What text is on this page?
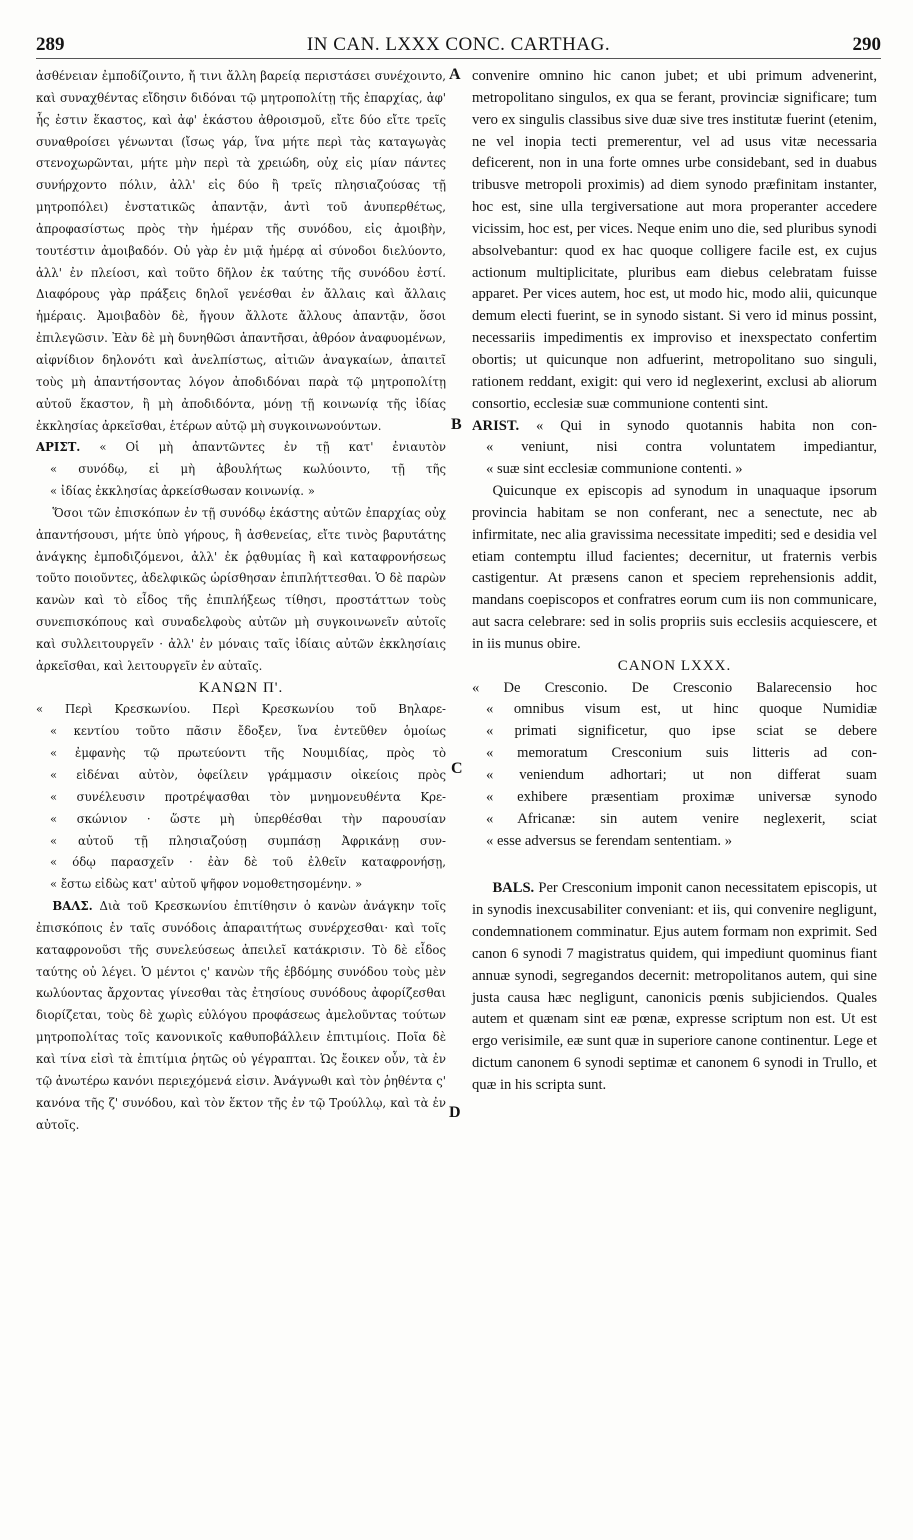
289	IN CAN. LXXX CONC. CARTHAG.	290
A
B
C
D

ἀσθένειαν ἐμποδίζοιντο, ἤ τινι ἄλλη βαρείᾳ περιστάσει συνέχοιντο, καὶ συναχθέντας εἴδησιν διδόναι τῷ μητροπολίτῃ τῆς ἐπαρχίας, ἀφ' ἧς ἐστιν ἕκαστος, καὶ ἀφ' ἑκάστου ἀθροισμοῦ, εἴτε δύο εἴτε τρεῖς συναθροίσει γένωνται (ἴσως γάρ, ἵνα μήτε περὶ τὰς καταγωγὰς στενοχωρῶνται, μήτε μὴν περὶ τὰ χρειώδη, οὐχ εἰς μίαν πάντες συνήρχοντο πόλιν, ἀλλ' εἰς δύο ἢ τρεῖς πλησιαζούσας τῇ μητροπόλει) ἐνστατικῶς ἀπαντᾷν, ἀντὶ τοῦ ἀνυπερθέτως, ἀπροφασίστως πρὸς τὴν ἡμέραν τῆς συνόδου, εἰς ἀμοιβὴν, τουτέστιν ἀμοιβαδόν. Οὐ γὰρ ἐν μιᾷ ἡμέρᾳ αἱ σύνοδοι διελύοντο, ἀλλ' ἐν πλείοσι, καὶ τοῦτο δῆλον ἐκ ταύτης τῆς συνόδου ἐστί. Διαφόρους γὰρ πράξεις δηλοῖ γενέσθαι ἐν ἄλλαις καὶ ἄλλαις ἡμέραις. Ἀμοιβαδὸν δὲ, ἤγουν ἄλλοτε ἄλλους ἀπαντᾷν, ὅσοι ἐπιλεγῶσιν. Ἐὰν δὲ μὴ δυνηθῶσι ἀπαντῆσαι, ἀθρόον ἀναφυομένων, αἰφνίδιον δηλονότι καὶ ἀνελπίστως, αἰτιῶν ἀναγκαίων, ἀπαιτεῖ τοὺς μὴ ἀπαντήσοντας λόγον ἀποδιδόναι παρὰ τῷ μητροπολίτῃ αὐτοῦ ἕκαστον, ἢ μὴ ἀποδιδόντα, μόνῃ τῇ κοινωνίᾳ τῆς ἰδίας ἐκκλησίας ἀρκεῖσθαι, ἑτέρων αὐτῷ μὴ συγκοινωνούντων.

ΑΡΙΣΤ. « Οἱ μὴ ἀπαντῶντες ἐν τῇ κατ' ἐνιαυτὸν
« συνόδῳ, εἰ μὴ ἀβουλήτως κωλύοιντο, τῇ τῆς
« ἰδίας ἐκκλησίας ἀρκείσθωσαν κοινωνίᾳ. »

Ὅσοι τῶν ἐπισκόπων ἐν τῇ συνόδῳ ἑκάστης αὐτῶν ἐπαρχίας οὐχ ἀπαντήσουσι, μήτε ὑπὸ γήρους, ἢ ἀσθενείας, εἴτε τινὸς βαρυτάτης ἀνάγκης ἐμποδιζόμενοι, ἀλλ' ἐκ ῥᾳθυμίας ἢ καὶ καταφρονήσεως τοῦτο ποιοῦντες, ἀδελφικῶς ὡρίσθησαν ἐπιπλήττεσθαι. Ὁ δὲ παρὼν κανὼν καὶ τὸ εἶδος τῆς ἐπιπλήξεως τίθησι, προστάττων τοὺς συνεπισκόπους καὶ συναδελφοὺς αὐτῶν μὴ συγκοινωνεῖν αὐτοῖς καὶ συλλειτουργεῖν · ἀλλ' ἐν μόναις ταῖς ἰδίαις αὐτῶν ἐκκλησίαις ἀρκεῖσθαι, καὶ λειτουργεῖν ἐν αὐταῖς.

ΚΑΝΩΝ Π'.

« Περὶ Κρεσκωνίου. Περὶ Κρεσκωνίου τοῦ Βηλαρε-
« κεντίου τοῦτο πᾶσιν ἔδοξεν, ἵνα ἐντεῦθεν ὁμοίως
« ἐμφανὴς τῷ πρωτεύοντι τῆς Νουμιδίας, πρὸς τὸ
« εἰδέναι αὐτὸν, ὀφείλειν γράμμασιν οἰκείοις πρὸς
« συνέλευσιν προτρέψασθαι τὸν μνημονευθέντα Κρε-
« σκώνιον · ὥστε μὴ ὑπερθέσθαι τὴν παρουσίαν
« αὐτοῦ τῇ πλησιαζούσῃ συμπάσῃ Ἀφρικάνῃ συν-
« όδῳ παρασχεῖν · ἐὰν δὲ τοῦ ἐλθεῖν καταφρονήσῃ,
« ἔστω εἰδὼς κατ' αὐτοῦ ψῆφον νομοθετησομένην. »

ΒΑΛΣ. Διὰ τοῦ Κρεσκωνίου ἐπιτίθησιν ὁ κανὼν ἀνάγκην τοῖς ἐπισκόποις ἐν ταῖς συνόδοις ἀπαραιτήτως συνέρχεσθαι· καὶ τοῖς καταφρονοῦσι τῆς συνελεύσεως ἀπειλεῖ κατάκρισιν. Τὸ δὲ εἶδος ταύτης οὐ λέγει. Ὁ μέντοι ς' κανὼν τῆς ἑβδόμης συνόδου τοὺς μὲν κωλύοντας ἄρχοντας γίνεσθαι τὰς ἐτησίους συνόδους ἀφορίζεσθαι διορίζεται, τοὺς δὲ χωρὶς εὐλόγου προφάσεως ἀμελοῦντας τούτων μητροπολίτας τοῖς κανονικοῖς καθυποβάλλειν ἐπιτιμίοις. Ποῖα δὲ καὶ τίνα εἰσὶ τὰ ἐπιτίμια ῥητῶς οὐ γέγραπται. Ὡς ἔοικεν οὖν, τὰ ἐν τῷ ἀνωτέρω κανόνι περιεχόμενά εἰσιν. Ἀνάγνωθι καὶ τὸν ῥηθέντα ς' κανόνα τῆς ζ' συνόδου, καὶ τὸν ἕκτον τῆς ἐν τῷ Τρούλλῳ, καὶ τὰ ἐν αὐτοῖς.

convenire omnino hic canon jubet; et ubi primum advenerint, metropolitano singulos, ex qua se ferant, provinciæ significare; tum vero ex singulis classibus sive duæ sive tres institutæ fuerint (etenim, ne vel inopia tecti premerentur, vel ad usus vitæ necessaria deficerent, non in una forte omnes urbe considebant, sed in duabus tribusve metropoli proximis) ad diem synodo præfinitam instanter, hoc est, sine ulla tergiversatione aut mora properanter accedere vicissim, hoc est, per vices. Neque enim uno die, sed pluribus synodi absolvebantur: quod ex hac quoque colligere facile est, ex cujus actionum multiplicitate, pluribus eam diebus celebratam fuisse apparet. Per vices autem, hoc est, ut modo hic, modo alii, quicunque demum electi fuerint, se in synodo sistant. Si vero id minus possint, necessariis impedimentis ex improviso et inexspectato confertim obortis; ut quicunque non adfuerint, metropolitano suo singuli, rationem reddant, exigit: qui vero id neglexerint, exclusi ab aliorum consortio, ecclesiæ suæ communione contenti sint.

ARIST. « Qui in synodo quotannis habita non con-
« veniunt, nisi contra voluntatem impediantur,
« suæ sint ecclesiæ communione contenti. »

Quicunque ex episcopis ad synodum in unaquaque ipsorum provincia habitam se non conferant, nec a senectute, nec ab infirmitate, nec alia gravissima necessitate impediti; sed e desidia vel etiam contemptu illud facientes; decernitur, ut fraternis verbis castigentur. At præsens canon et speciem reprehensionis addit, mandans coepiscopos et confratres eorum cum iis non communicare, aut sacra celebrare: sed in solis propriis suis ecclesiis acquiescere, et in iis munus obire.

CANON LXXX.

« De Cresconio. De Cresconio Balarecensio hoc
« omnibus visum est, ut hinc quoque Numidiæ
« primati significetur, quo ipse sciat se debere
« memoratum Cresconium suis litteris ad con-
« veniendum adhortari; ut non differat suam
« exhibere præsentiam proximæ universæ synodo
« Africanæ: sin autem venire neglexerit, sciat
« esse adversus se ferendam sententiam. »

BALS. Per Cresconium imponit canon necessitatem episcopis, ut in synodis inexcusabiliter conveniant: et iis, qui convenire negligunt, condemnationem comminatur. Ejus autem formam non exprimit. Sed canon 6 synodi 7 magistratus quidem, qui impediunt quominus fiant annuæ synodi, segregandos decernit: metropolitanos autem, qui sine justa causa hæc negligunt, canonicis pœnis subjiciendos. Quales autem et quænam sint eæ pœnæ, expresse scriptum non est. Ut est ergo verisimile, eæ sunt quæ in superiore canone continentur. Lege et dictum canonem 6 synodi septimæ et canonem 6 synodi in Trullo, et quæ in his scripta sunt.
